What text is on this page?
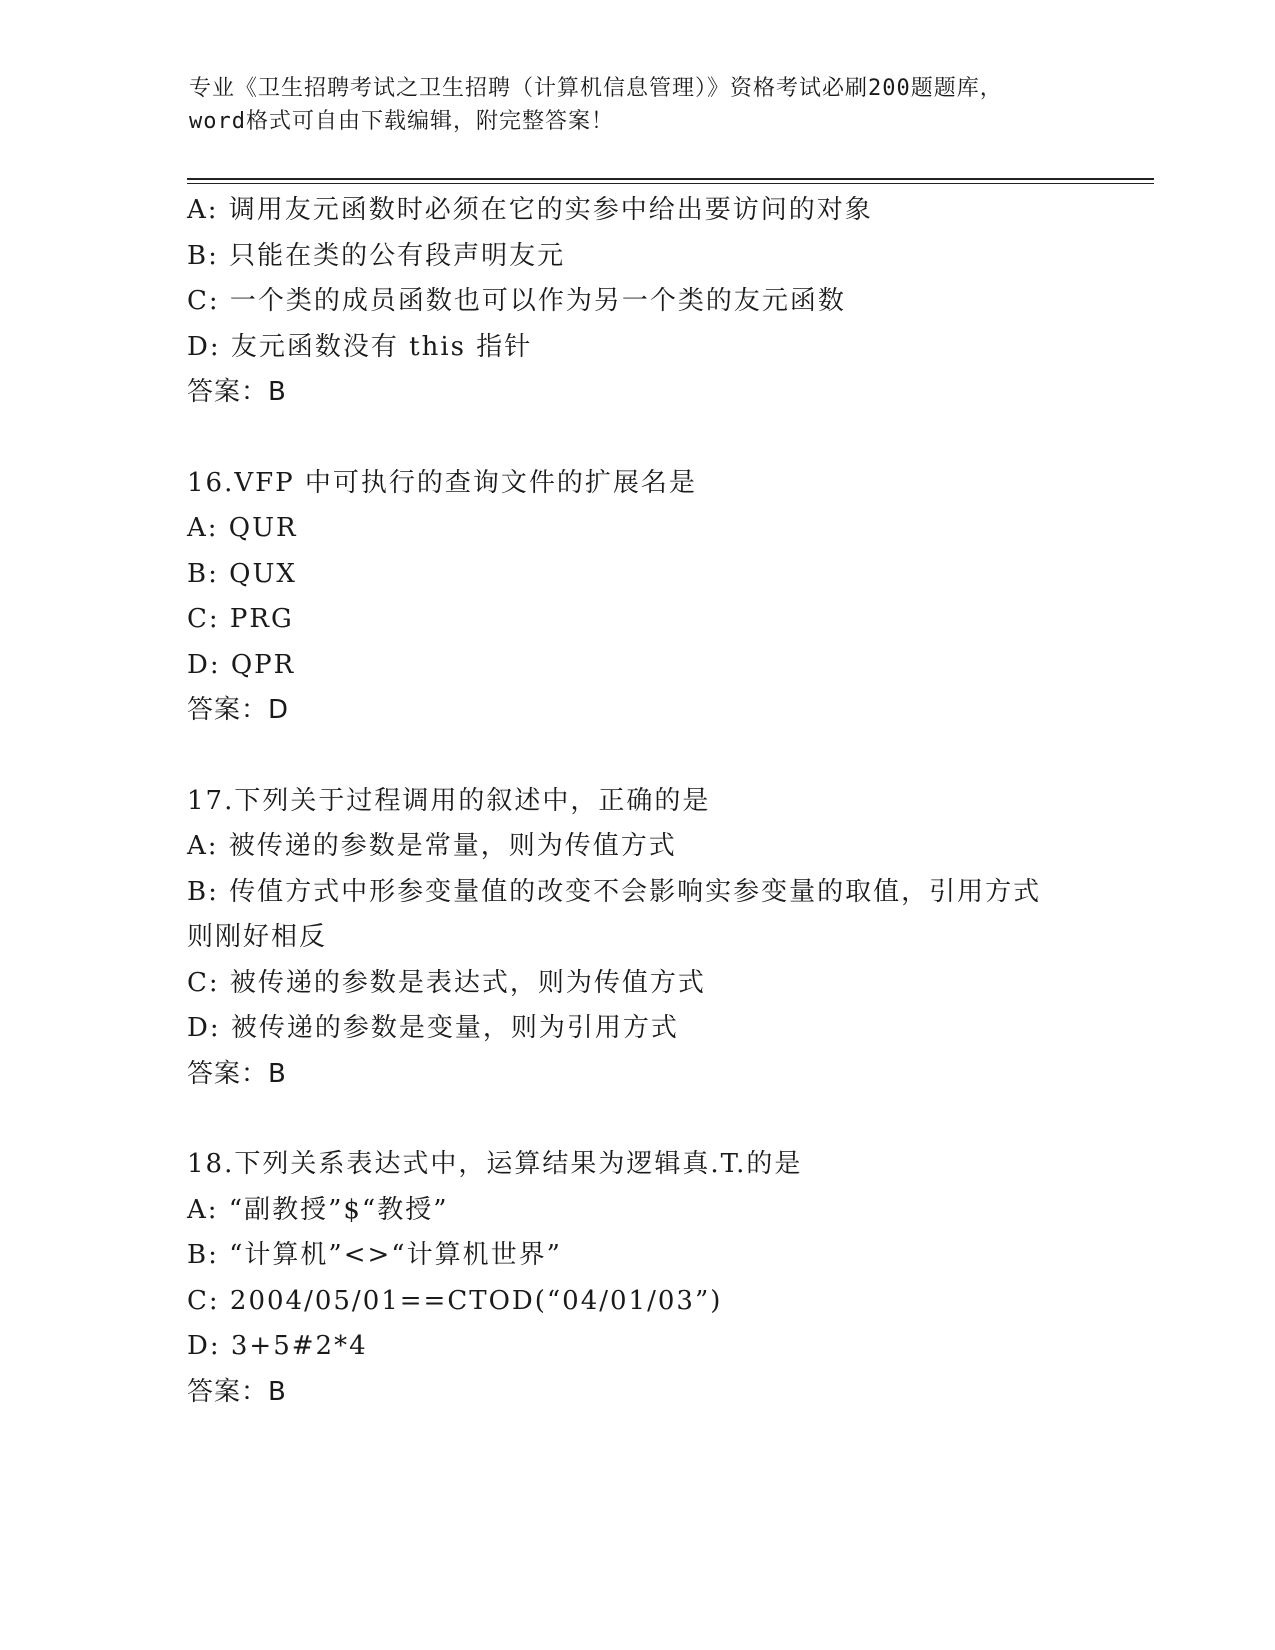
专业《卫生招聘考试之卫生招聘（计算机信息管理）》资格考试必刷200题题库，
word格式可自由下载编辑，附完整答案！
A: 调用友元函数时必须在它的实参中给出要访问的对象
B: 只能在类的公有段声明友元
C: 一个类的成员函数也可以作为另一个类的友元函数
D: 友元函数没有 this 指针
答案：B
16.VFP 中可执行的查询文件的扩展名是
A: QUR
B: QUX
C: PRG
D: QPR
答案：D
17.下列关于过程调用的叙述中，正确的是
A: 被传递的参数是常量，则为传值方式
B: 传值方式中形参变量值的改变不会影响实参变量的取值，引用方式
则刚好相反
C: 被传递的参数是表达式，则为传值方式
D: 被传递的参数是变量，则为引用方式
答案：B
18.下列关系表达式中，运算结果为逻辑真.T.的是
A: “副教授”$“教授”
B: “计算机”<>“计算机世界”
C: 2004/05/01==CTOD(“04/01/03”)
D: 3+5#2*4
答案：B
